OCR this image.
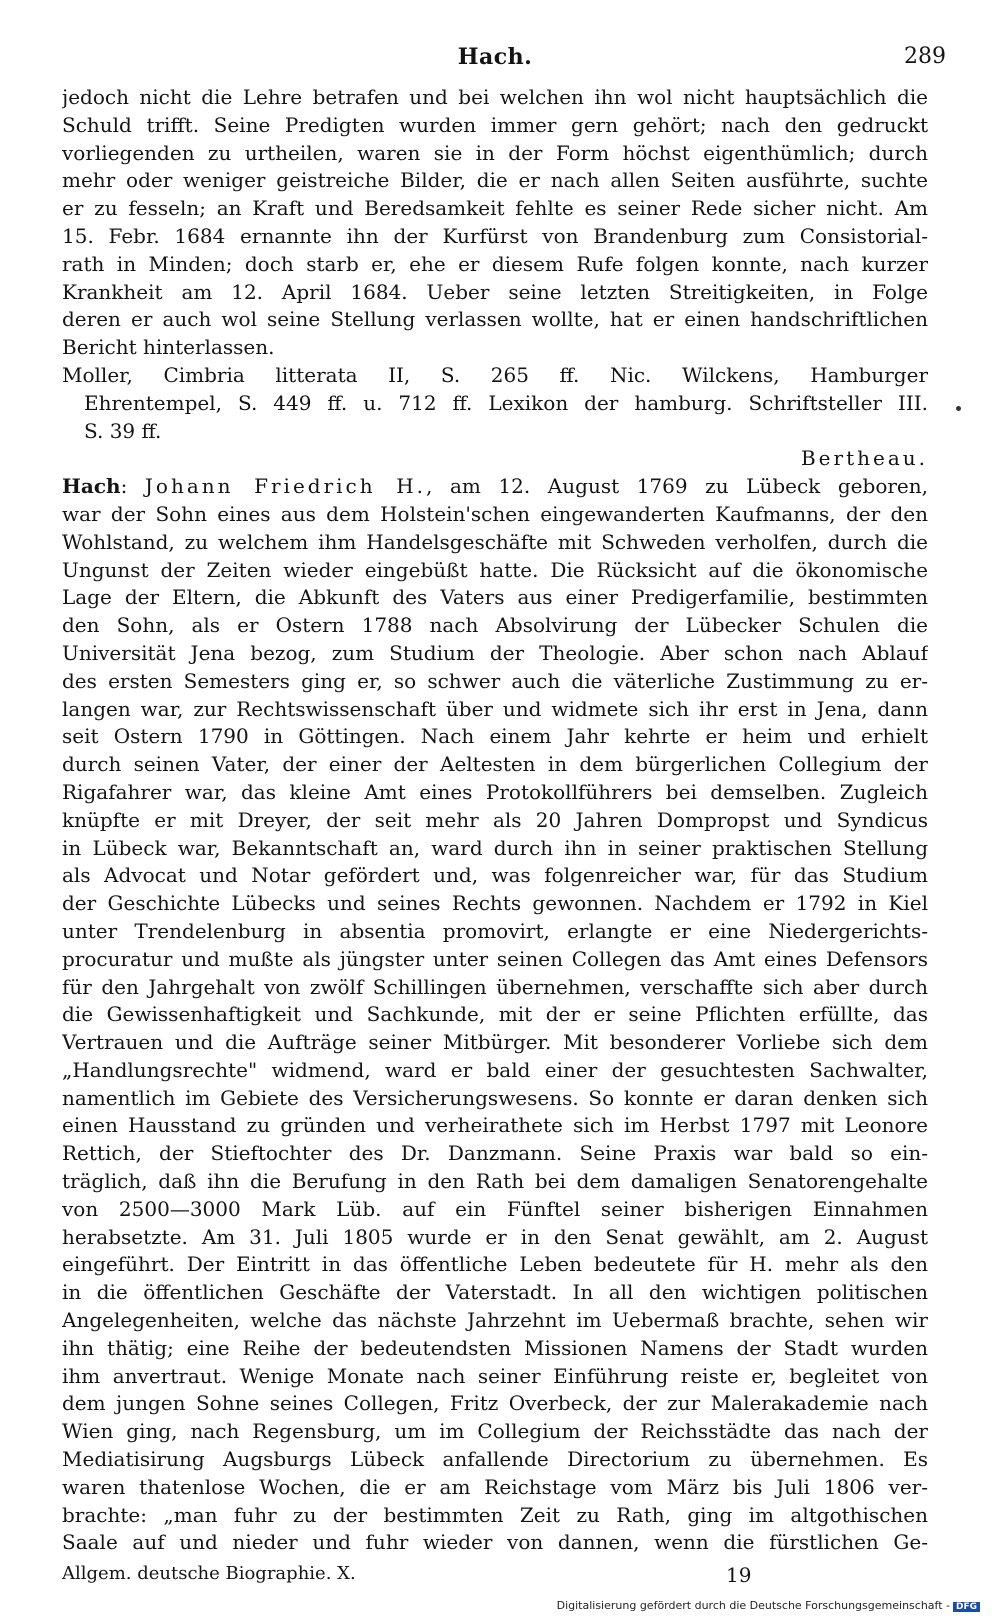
Hach.	289
jedoch nicht die Lehre betrafen und bei welchen ihn wol nicht hauptsächlich die
Schuld trifft. Seine Predigten wurden immer gern gehört; nach den gedruckt
vorliegenden zu urtheilen, waren sie in der Form höchst eigenthümlich; durch
mehr oder weniger geistreiche Bilder, die er nach allen Seiten ausführte, suchte
er zu fesseln; an Kraft und Beredsamkeit fehlte es seiner Rede sicher nicht. Am
15. Febr. 1684 ernannte ihn der Kurfürst von Brandenburg zum Consistorial-
rath in Minden; doch starb er, ehe er diesem Rufe folgen konnte, nach kurzer
Krankheit am 12. April 1684. Ueber seine letzten Streitigkeiten, in Folge
deren er auch wol seine Stellung verlassen wollte, hat er einen handschriftlichen
Bericht hinterlassen.
Moller, Cimbria litterata II, S. 265 ff. Nic. Wilckens, Hamburger
Ehrentempel, S. 449 ff. u. 712 ff. Lexikon der hamburg. Schriftsteller III.
S. 39 ff.
Bertheau.
Hach: Johann Friedrich H., am 12. August 1769 zu Lübeck geboren,
war der Sohn eines aus dem Holstein'schen eingewanderten Kaufmanns, der den
Wohlstand, zu welchem ihm Handelsgeschäfte mit Schweden verholfen, durch die
Ungunst der Zeiten wieder eingebüßt hatte. Die Rücksicht auf die ökonomische
Lage der Eltern, die Abkunft des Vaters aus einer Predigerfamilie, bestimmten
den Sohn, als er Ostern 1788 nach Absolvirung der Lübecker Schulen die
Universität Jena bezog, zum Studium der Theologie. Aber schon nach Ablauf
des ersten Semesters ging er, so schwer auch die väterliche Zustimmung zu er-
langen war, zur Rechtswissenschaft über und widmete sich ihr erst in Jena, dann
seit Ostern 1790 in Göttingen. Nach einem Jahr kehrte er heim und erhielt
durch seinen Vater, der einer der Aeltesten in dem bürgerlichen Collegium der
Rigafahrer war, das kleine Amt eines Protokollführers bei demselben. Zugleich
knüpfte er mit Dreyer, der seit mehr als 20 Jahren Dompropst und Syndicus
in Lübeck war, Bekanntschaft an, ward durch ihn in seiner praktischen Stellung
als Advocat und Notar gefördert und, was folgenreicher war, für das Studium
der Geschichte Lübecks und seines Rechts gewonnen. Nachdem er 1792 in Kiel
unter Trendelenburg in absentia promovirt, erlangte er eine Niedergerichts-
procuratur und mußte als jüngster unter seinen Collegen das Amt eines Defensors
für den Jahrgehalt von zwölf Schillingen übernehmen, verschaffte sich aber durch
die Gewissenhaftigkeit und Sachkunde, mit der er seine Pflichten erfüllte, das
Vertrauen und die Aufträge seiner Mitbürger. Mit besonderer Vorliebe sich dem
„Handlungsrechte" widmend, ward er bald einer der gesuchtesten Sachwalter,
namentlich im Gebiete des Versicherungswesens. So konnte er daran denken sich
einen Hausstand zu gründen und verheirathete sich im Herbst 1797 mit Leonore
Rettich, der Stieftochter des Dr. Danzmann. Seine Praxis war bald so ein-
träglich, daß ihn die Berufung in den Rath bei dem damaligen Senatorengehalte
von 2500—3000 Mark Lüb. auf ein Fünftel seiner bisherigen Einnahmen
herabsetzte. Am 31. Juli 1805 wurde er in den Senat gewählt, am 2. August
eingeführt. Der Eintritt in das öffentliche Leben bedeutete für H. mehr als den
in die öffentlichen Geschäfte der Vaterstadt. In all den wichtigen politischen
Angelegenheiten, welche das nächste Jahrzehnt im Uebermaß brachte, sehen wir
ihn thätig; eine Reihe der bedeutendsten Missionen Namens der Stadt wurden
ihm anvertraut. Wenige Monate nach seiner Einführung reiste er, begleitet von
dem jungen Sohne seines Collegen, Fritz Overbeck, der zur Malerakademie nach
Wien ging, nach Regensburg, um im Collegium der Reichsstädte das nach der
Mediatisirung Augsburgs Lübeck anfallende Directorium zu übernehmen. Es
waren thatenlose Wochen, die er am Reichstage vom März bis Juli 1806 ver-
brachte: „man fuhr zu der bestimmten Zeit zu Rath, ging im altgothischen
Saale auf und nieder und fuhr wieder von dannen, wenn die fürstlichen Ge-
Allgem. deutsche Biographie. X.	19
Digitalisierung gefördert durch die Deutsche Forschungsgemeinschaft - DFG
